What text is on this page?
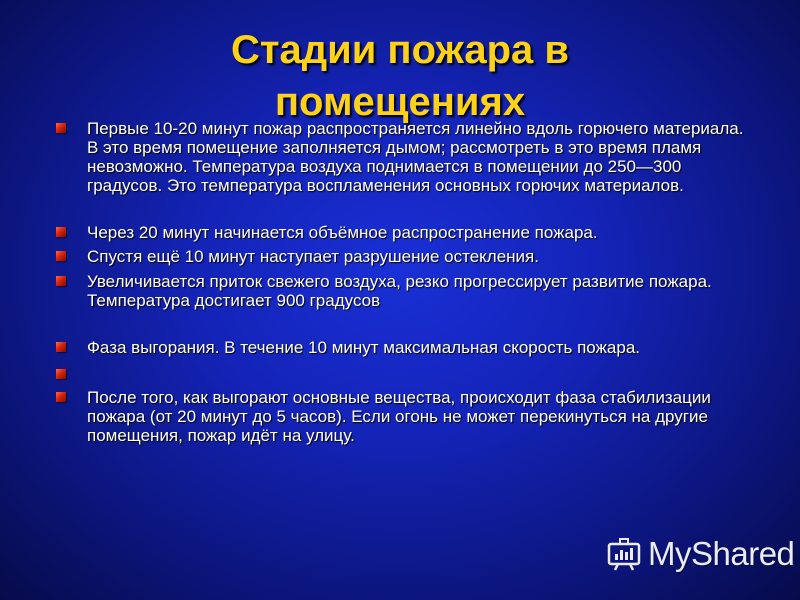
Стадии пожара в помещениях
Первые 10-20 минут пожар распространяется линейно вдоль горючего материала. В это время помещение заполняется дымом; рассмотреть в это время пламя невозможно. Температура воздуха поднимается в помещении до 250—300 градусов. Это температура воспламенения основных горючих материалов.
Через 20 минут начинается объёмное распространение пожара.
Спустя ещё 10 минут наступает разрушение остекления.
Увеличивается приток свежего воздуха, резко прогрессирует развитие пожара. Температура достигает 900 градусов
Фаза выгорания. В течение 10 минут максимальная скорость пожара.
После того, как выгорают основные вещества, происходит фаза стабилизации пожара (от 20 минут до 5 часов). Если огонь не может перекинуться на другие помещения, пожар идёт на улицу.
MyShared
